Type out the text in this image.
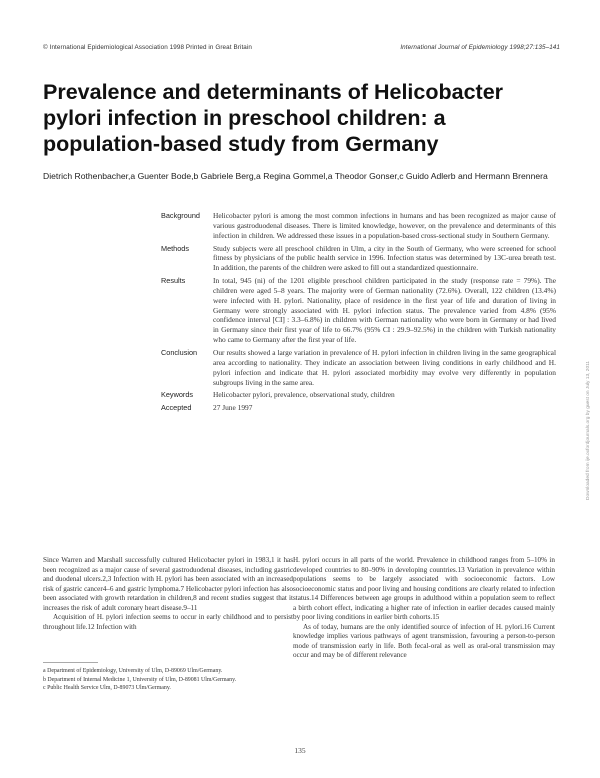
© International Epidemiological Association 1998 Printed in Great Britain	International Journal of Epidemiology 1998;27:135–141
Prevalence and determinants of Helicobacter pylori infection in preschool children: a population-based study from Germany

Dietrich Rothenbacher,a Guenter Bode,b Gabriele Berg,a Regina Gommel,a Theodor Gonser,c Guido Adlerb and Hermann Brennera

Background	Helicobacter pylori is among the most common infections in humans and has been recognized as major cause of various gastroduodenal diseases. There is limited knowledge, however, on the prevalence and determinants of this infection in children. We addressed these issues in a population-based cross-sectional study in Southern Germany.
Methods	Study subjects were all preschool children in Ulm, a city in the South of Germany, who were screened for school fitness by physicians of the public health service in 1996. Infection status was determined by 13C-urea breath test. In addition, the parents of the children were asked to fill out a standardized questionnaire.
Results	In total, 945 (ni) of the 1201 eligible preschool children participated in the study (response rate = 79%). The children were aged 5–8 years. The majority were of German nationality (72.6%). Overall, 122 children (13.4%) were infected with H. pylori. Nationality, place of residence in the first year of life and duration of living in Germany were strongly associated with H. pylori infection status. The prevalence varied from 4.8% (95% confidence interval [CI] : 3.3–6.8%) in children with German nationality who were born in Germany or had lived in Germany since their first year of life to 66.7% (95% CI : 29.9–92.5%) in the children with Turkish nationality who came to Germany after the first year of life.
Conclusion	Our results showed a large variation in prevalence of H. pylori infection in children living in the same geographical area according to nationality. They indicate an association between living conditions in early childhood and H. pylori infection and indicate that H. pylori associated morbidity may evolve very differently in population subgroups living in the same area.
Keywords	Helicobacter pylori, prevalence, observational study, children
Accepted	27 June 1997

Since Warren and Marshall successfully cultured Helicobacter pylori in 1983,1 it has been recognized as a major cause of several gastroduodenal diseases, including gastric and duodenal ulcers.2,3 Infection with H. pylori has been associated with an increased risk of gastric cancer4–6 and gastric lymphoma.7 Helicobacter pylori infection has also been associated with growth retardation in children,8 and recent studies suggest that it increases the risk of adult coronary heart disease.9–11

Acquisition of H. pylori infection seems to occur in early childhood and to persist throughout life.12 Infection with

H. pylori occurs in all parts of the world. Prevalence in childhood ranges from 5–10% in developed countries to 80–90% in developing countries.13 Variation in prevalence within populations seems to be largely associated with socioeconomic factors. Low socioeconomic status and poor living and housing conditions are clearly related to infection status.14 Differences between age groups in adulthood within a population seem to reflect a birth cohort effect, indicating a higher rate of infection in earlier decades caused mainly by poor living conditions in earlier birth cohorts.15

As of today, humans are the only identified source of infection of H. pylori.16 Current knowledge implies various pathways of agent transmission, favouring a person-to-person mode of transmission early in life. Both fecal-oral as well as oral-oral transmission may occur and may be of different relevance

a Department of Epidemiology, University of Ulm, D-89069 Ulm/Germany.
b Department of Internal Medicine 1, University of Ulm, D-89081 Ulm/Germany.
c Public Health Service Ulm, D-89073 Ulm/Germany.
135
Downloaded from ije.oxfordjournals.org by guest on July 13, 2011
